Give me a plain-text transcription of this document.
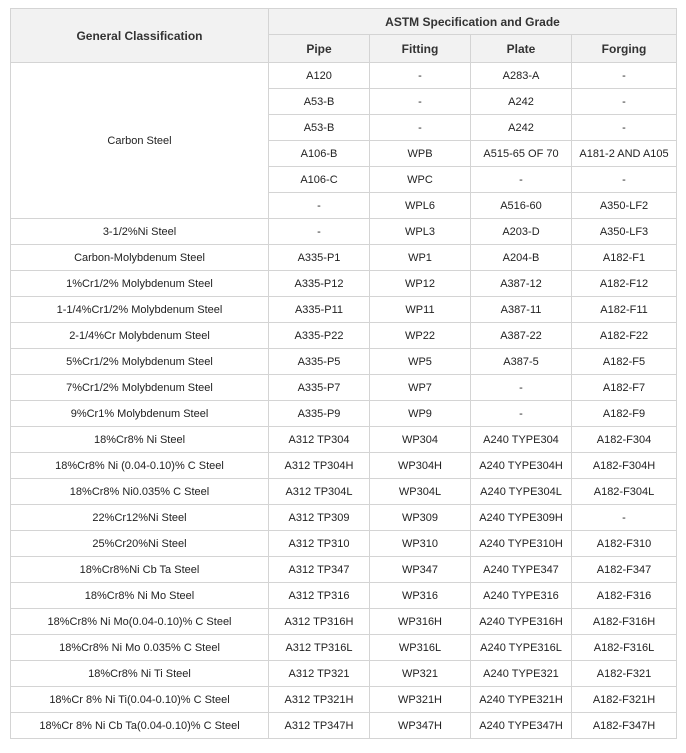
General Classification	ASTM Specification and Grade			
	Pipe	Fitting	Plate	Forging
Carbon Steel	A120	-	A283-A	-
	A53-B	-	A242	-
	A53-B	-	A242	-
	A106-B	WPB	A515-65 OF 70	A181-2 AND A105
	A106-C	WPC	-	-
	-	WPL6	A516-60	A350-LF2
3-1/2%Ni Steel	-	WPL3	A203-D	A350-LF3
Carbon-Molybdenum Steel	A335-P1	WP1	A204-B	A182-F1
1%Cr1/2% Molybdenum Steel	A335-P12	WP12	A387-12	A182-F12
1-1/4%Cr1/2% Molybdenum Steel	A335-P11	WP11	A387-11	A182-F11
2-1/4%Cr Molybdenum Steel	A335-P22	WP22	A387-22	A182-F22
5%Cr1/2% Molybdenum Steel	A335-P5	WP5	A387-5	A182-F5
7%Cr1/2% Molybdenum Steel	A335-P7	WP7	-	A182-F7
9%Cr1% Molybdenum Steel	A335-P9	WP9	-	A182-F9
18%Cr8% Ni Steel	A312 TP304	WP304	A240 TYPE304	A182-F304
18%Cr8% Ni (0.04-0.10)% C Steel	A312 TP304H	WP304H	A240 TYPE304H	A182-F304H
18%Cr8% Ni0.035% C Steel	A312 TP304L	WP304L	A240 TYPE304L	A182-F304L
22%Cr12%Ni Steel	A312 TP309	WP309	A240 TYPE309H	-
25%Cr20%Ni Steel	A312 TP310	WP310	A240 TYPE310H	A182-F310
18%Cr8%Ni Cb Ta Steel	A312 TP347	WP347	A240 TYPE347	A182-F347
18%Cr8% Ni Mo Steel	A312 TP316	WP316	A240 TYPE316	A182-F316
18%Cr8% Ni Mo(0.04-0.10)% C Steel	A312 TP316H	WP316H	A240 TYPE316H	A182-F316H
18%Cr8% Ni Mo 0.035% C Steel	A312 TP316L	WP316L	A240 TYPE316L	A182-F316L
18%Cr8% Ni Ti Steel	A312 TP321	WP321	A240 TYPE321	A182-F321
18%Cr 8% Ni Ti(0.04-0.10)% C Steel	A312 TP321H	WP321H	A240 TYPE321H	A182-F321H
18%Cr 8% Ni Cb Ta(0.04-0.10)% C Steel	A312 TP347H	WP347H	A240 TYPE347H	A182-F347H
